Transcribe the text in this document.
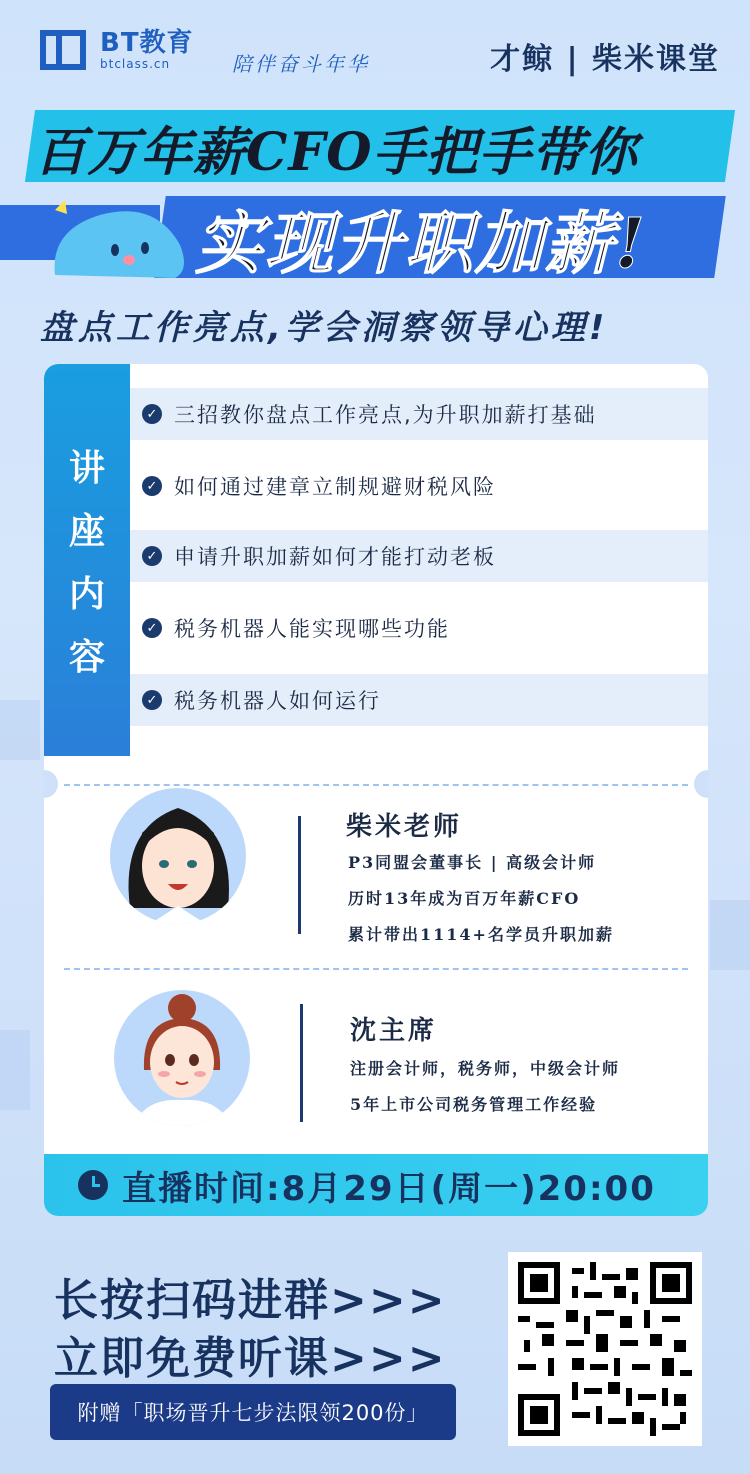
BT教育
btclass.cn	陪伴奋斗年华	才鲸 | 柴米课堂
百万年薪CFO手把手带你
实现升职加薪!
盘点工作亮点,学会洞察领导心理!
讲
座
内
容
✓ 三招教你盘点工作亮点,为升职加薪打基础
✓ 如何通过建章立制规避财税风险
✓ 申请升职加薪如何才能打动老板
✓ 税务机器人能实现哪些功能
✓ 税务机器人如何运行
柴米老师
P3同盟会董事长 | 高级会计师
历时13年成为百万年薪CFO
累计带出1114+名学员升职加薪
沈主席
注册会计师，税务师，中级会计师
5年上市公司税务管理工作经验
直播时间:8月29日(周一)20:00
长按扫码进群>>>
立即免费听课>>>
附赠「职场晋升七步法限领200份」
